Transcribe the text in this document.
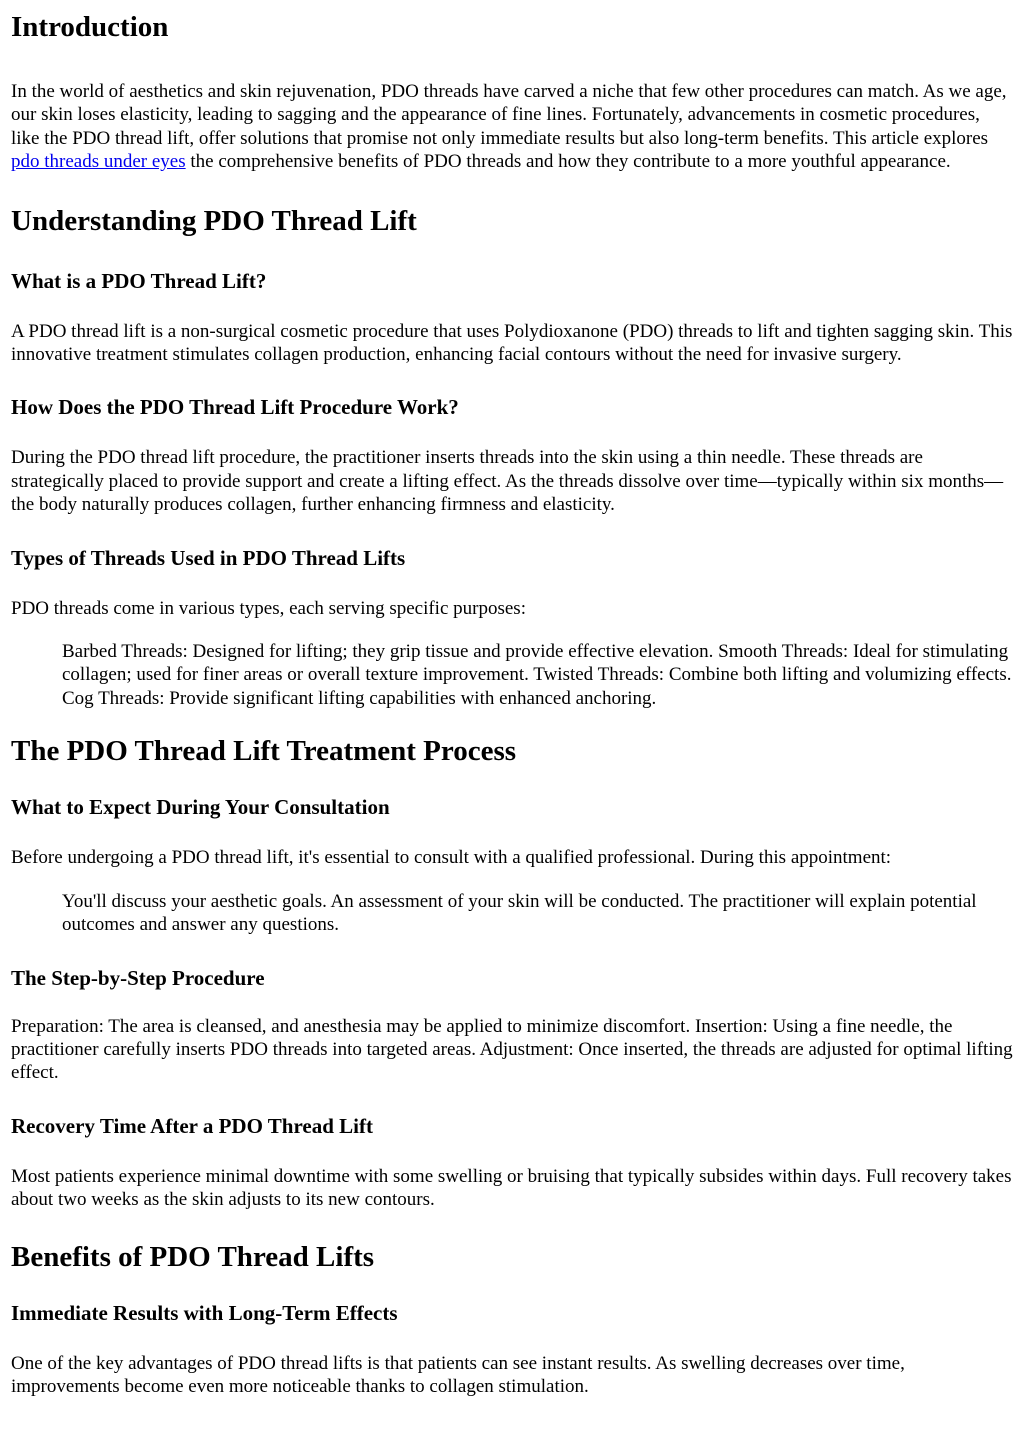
Introduction

In the world of aesthetics and skin rejuvenation, PDO threads have carved a niche that few other procedures can match. As we age, our skin loses elasticity, leading to sagging and the appearance of fine lines. Fortunately, advancements in cosmetic procedures, like the PDO thread lift, offer solutions that promise not only immediate results but also long-term benefits. This article explores pdo threads under eyes the comprehensive benefits of PDO threads and how they contribute to a more youthful appearance.

Understanding PDO Thread Lift
What is a PDO Thread Lift?

A PDO thread lift is a non-surgical cosmetic procedure that uses Polydioxanone (PDO) threads to lift and tighten sagging skin. This innovative treatment stimulates collagen production, enhancing facial contours without the need for invasive surgery.

How Does the PDO Thread Lift Procedure Work?

During the PDO thread lift procedure, the practitioner inserts threads into the skin using a thin needle. These threads are strategically placed to provide support and create a lifting effect. As the threads dissolve over time—typically within six months—the body naturally produces collagen, further enhancing firmness and elasticity.

Types of Threads Used in PDO Thread Lifts

PDO threads come in various types, each serving specific purposes:

Barbed Threads: Designed for lifting; they grip tissue and provide effective elevation. Smooth Threads: Ideal for stimulating collagen; used for finer areas or overall texture improvement. Twisted Threads: Combine both lifting and volumizing effects. Cog Threads: Provide significant lifting capabilities with enhanced anchoring.
The PDO Thread Lift Treatment Process
What to Expect During Your Consultation

Before undergoing a PDO thread lift, it's essential to consult with a qualified professional. During this appointment:

You'll discuss your aesthetic goals. An assessment of your skin will be conducted. The practitioner will explain potential outcomes and answer any questions.
The Step-by-Step Procedure

Preparation: The area is cleansed, and anesthesia may be applied to minimize discomfort. Insertion: Using a fine needle, the practitioner carefully inserts PDO threads into targeted areas. Adjustment: Once inserted, the threads are adjusted for optimal lifting effect.

Recovery Time After a PDO Thread Lift

Most patients experience minimal downtime with some swelling or bruising that typically subsides within days. Full recovery takes about two weeks as the skin adjusts to its new contours.

Benefits of PDO Thread Lifts
Immediate Results with Long-Term Effects

One of the key advantages of PDO thread lifts is that patients can see instant results. As swelling decreases over time, improvements become even more noticeable thanks to collagen stimulation.
